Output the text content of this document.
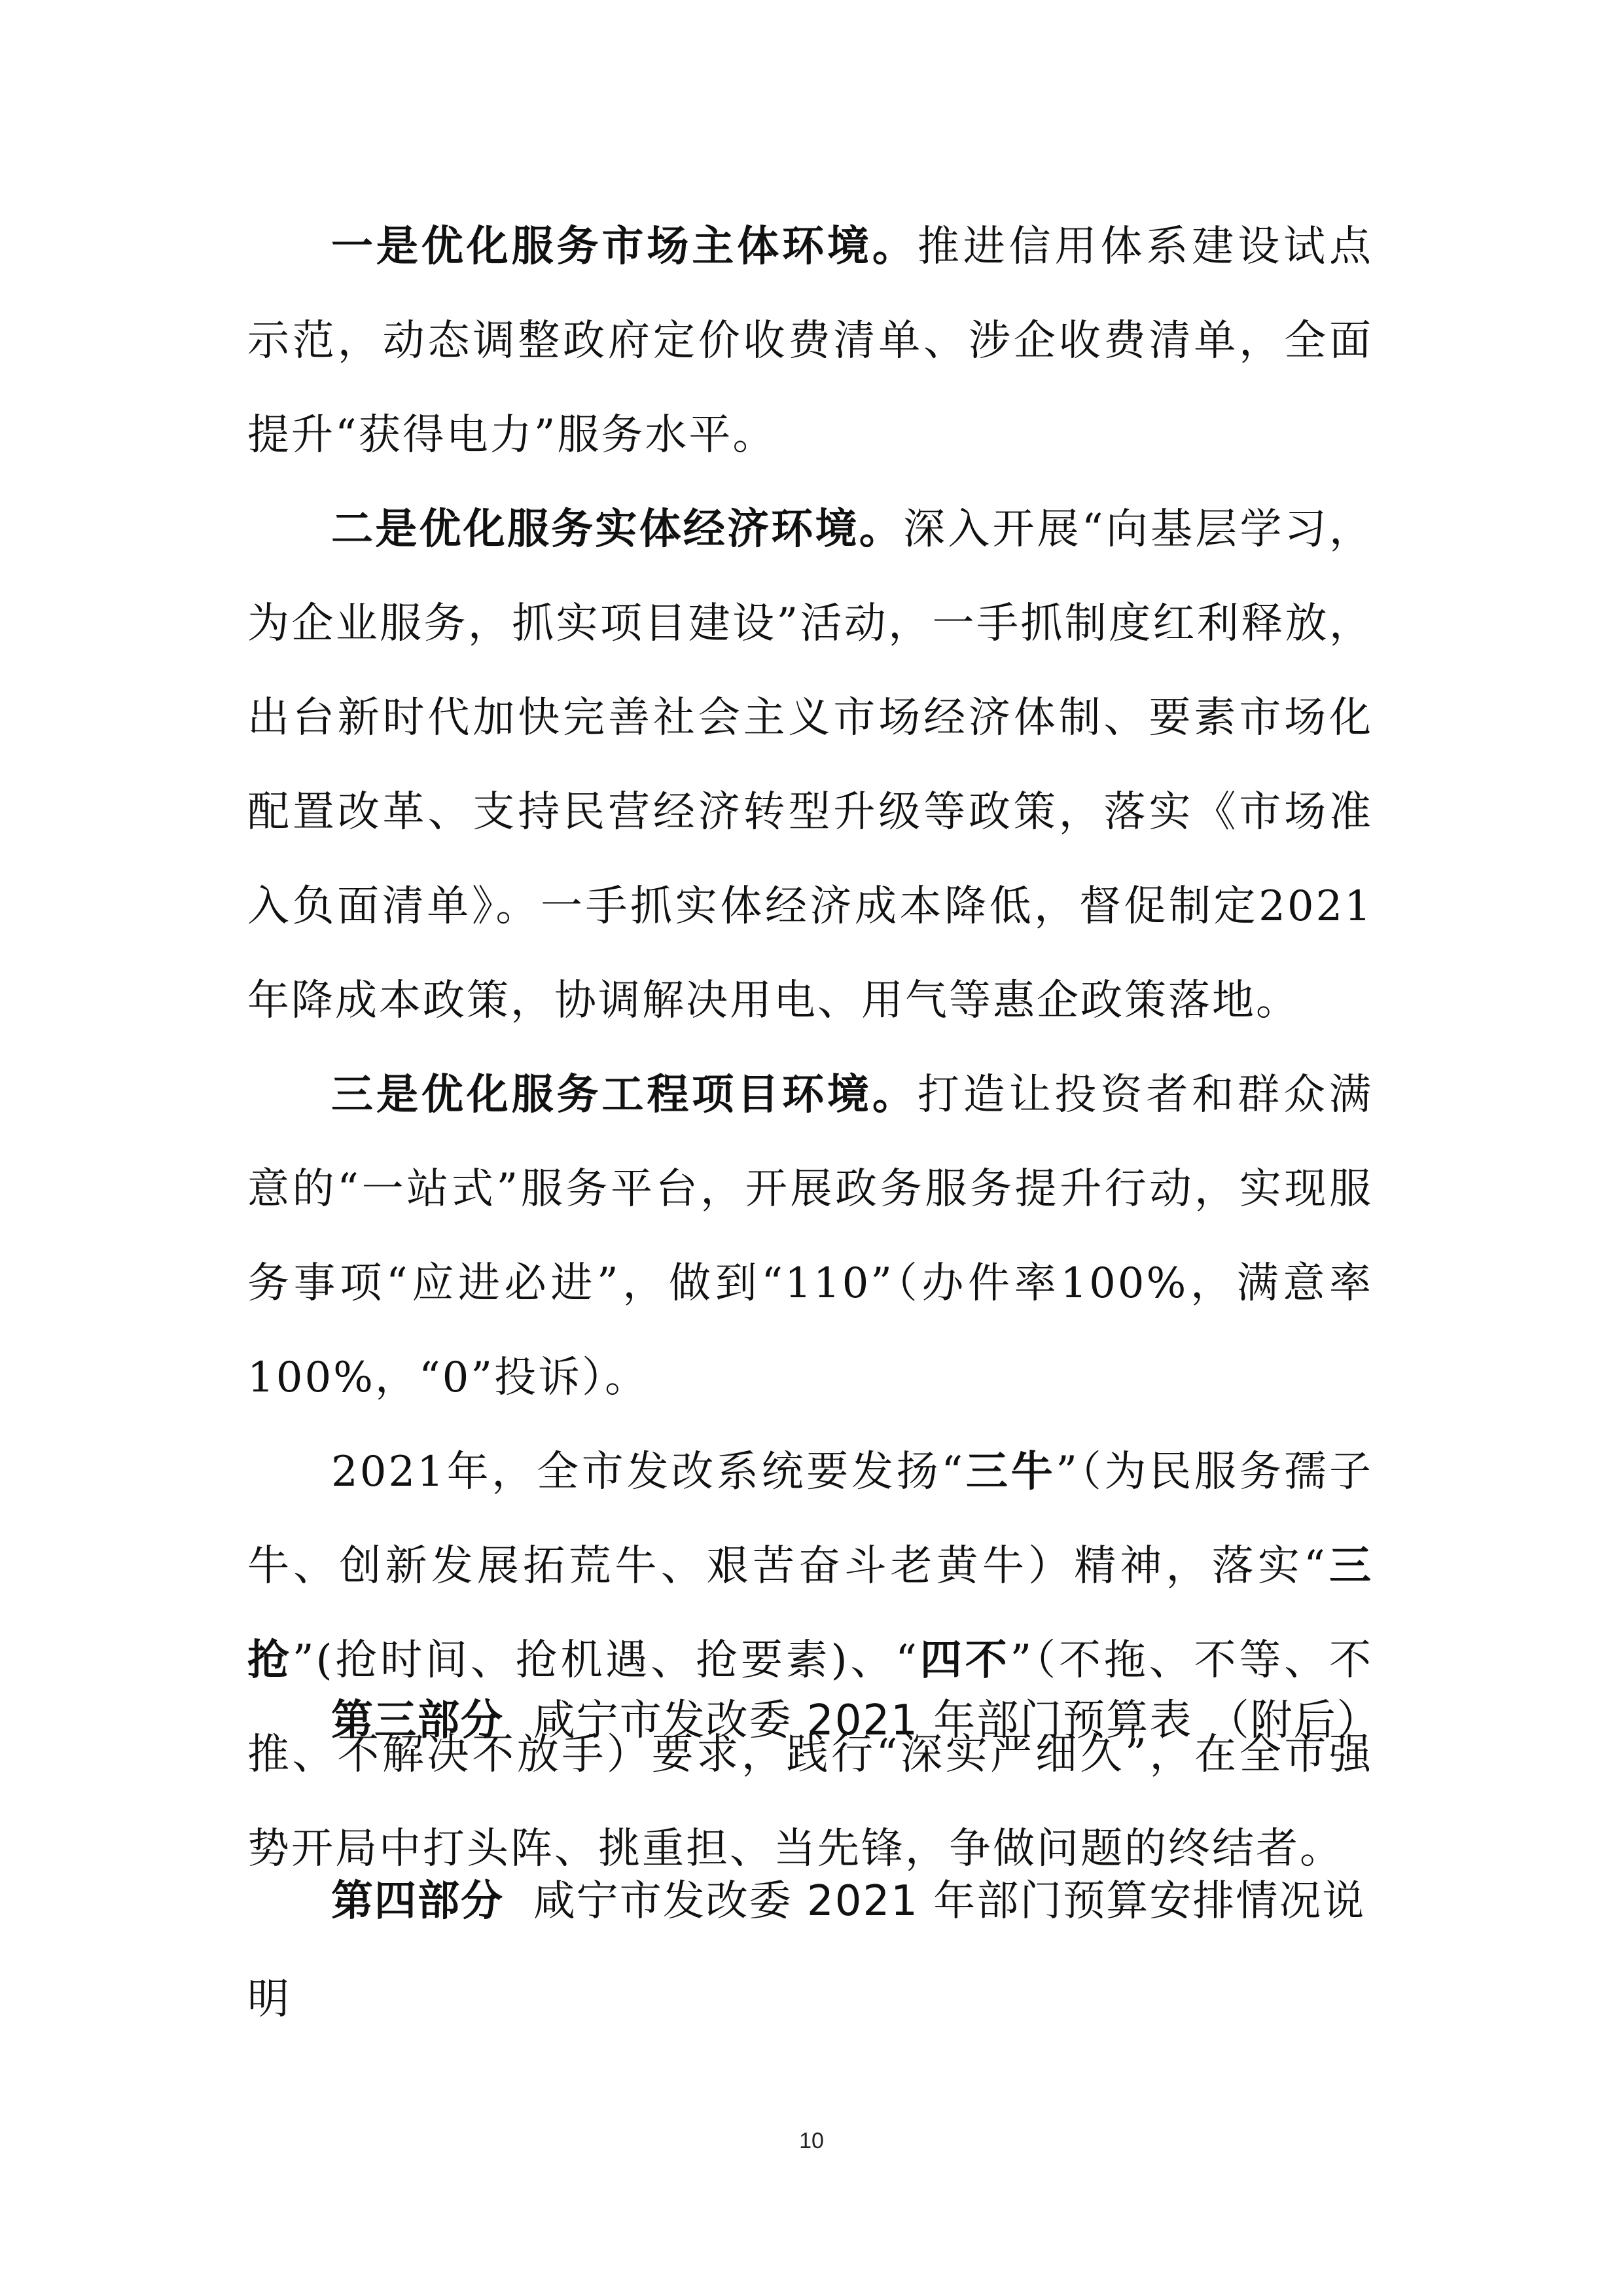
一是优化服务市场主体环境。推进信用体系建设试点示范，动态调整政府定价收费清单、涉企收费清单，全面提升“获得电力”服务水平。

二是优化服务实体经济环境。深入开展“向基层学习，为企业服务，抓实项目建设”活动，一手抓制度红利释放，出台新时代加快完善社会主义市场经济体制、要素市场化配置改革、支持民营经济转型升级等政策，落实《市场准入负面清单》。一手抓实体经济成本降低，督促制定2021年降成本政策，协调解决用电、用气等惠企政策落地。

三是优化服务工程项目环境。打造让投资者和群众满意的“一站式”服务平台，开展政务服务提升行动，实现服务事项“应进必进”，做到“110”（办件率100%，满意率100%，“0”投诉）。

2021年，全市发改系统要发扬“三牛”（为民服务孺子牛、创新发展拓荒牛、艰苦奋斗老黄牛）精神，落实“三抢”(抢时间、抢机遇、抢要素)、“四不”（不拖、不等、不推、不解决不放手）要求，践行“深实严细久”，在全市强势开局中打头阵、挑重担、当先锋，争做问题的终结者。

第三部分 咸宁市发改委 2021 年部门预算表 （附后）
第四部分 咸宁市发改委 2021 年部门预算安排情况说明
10
